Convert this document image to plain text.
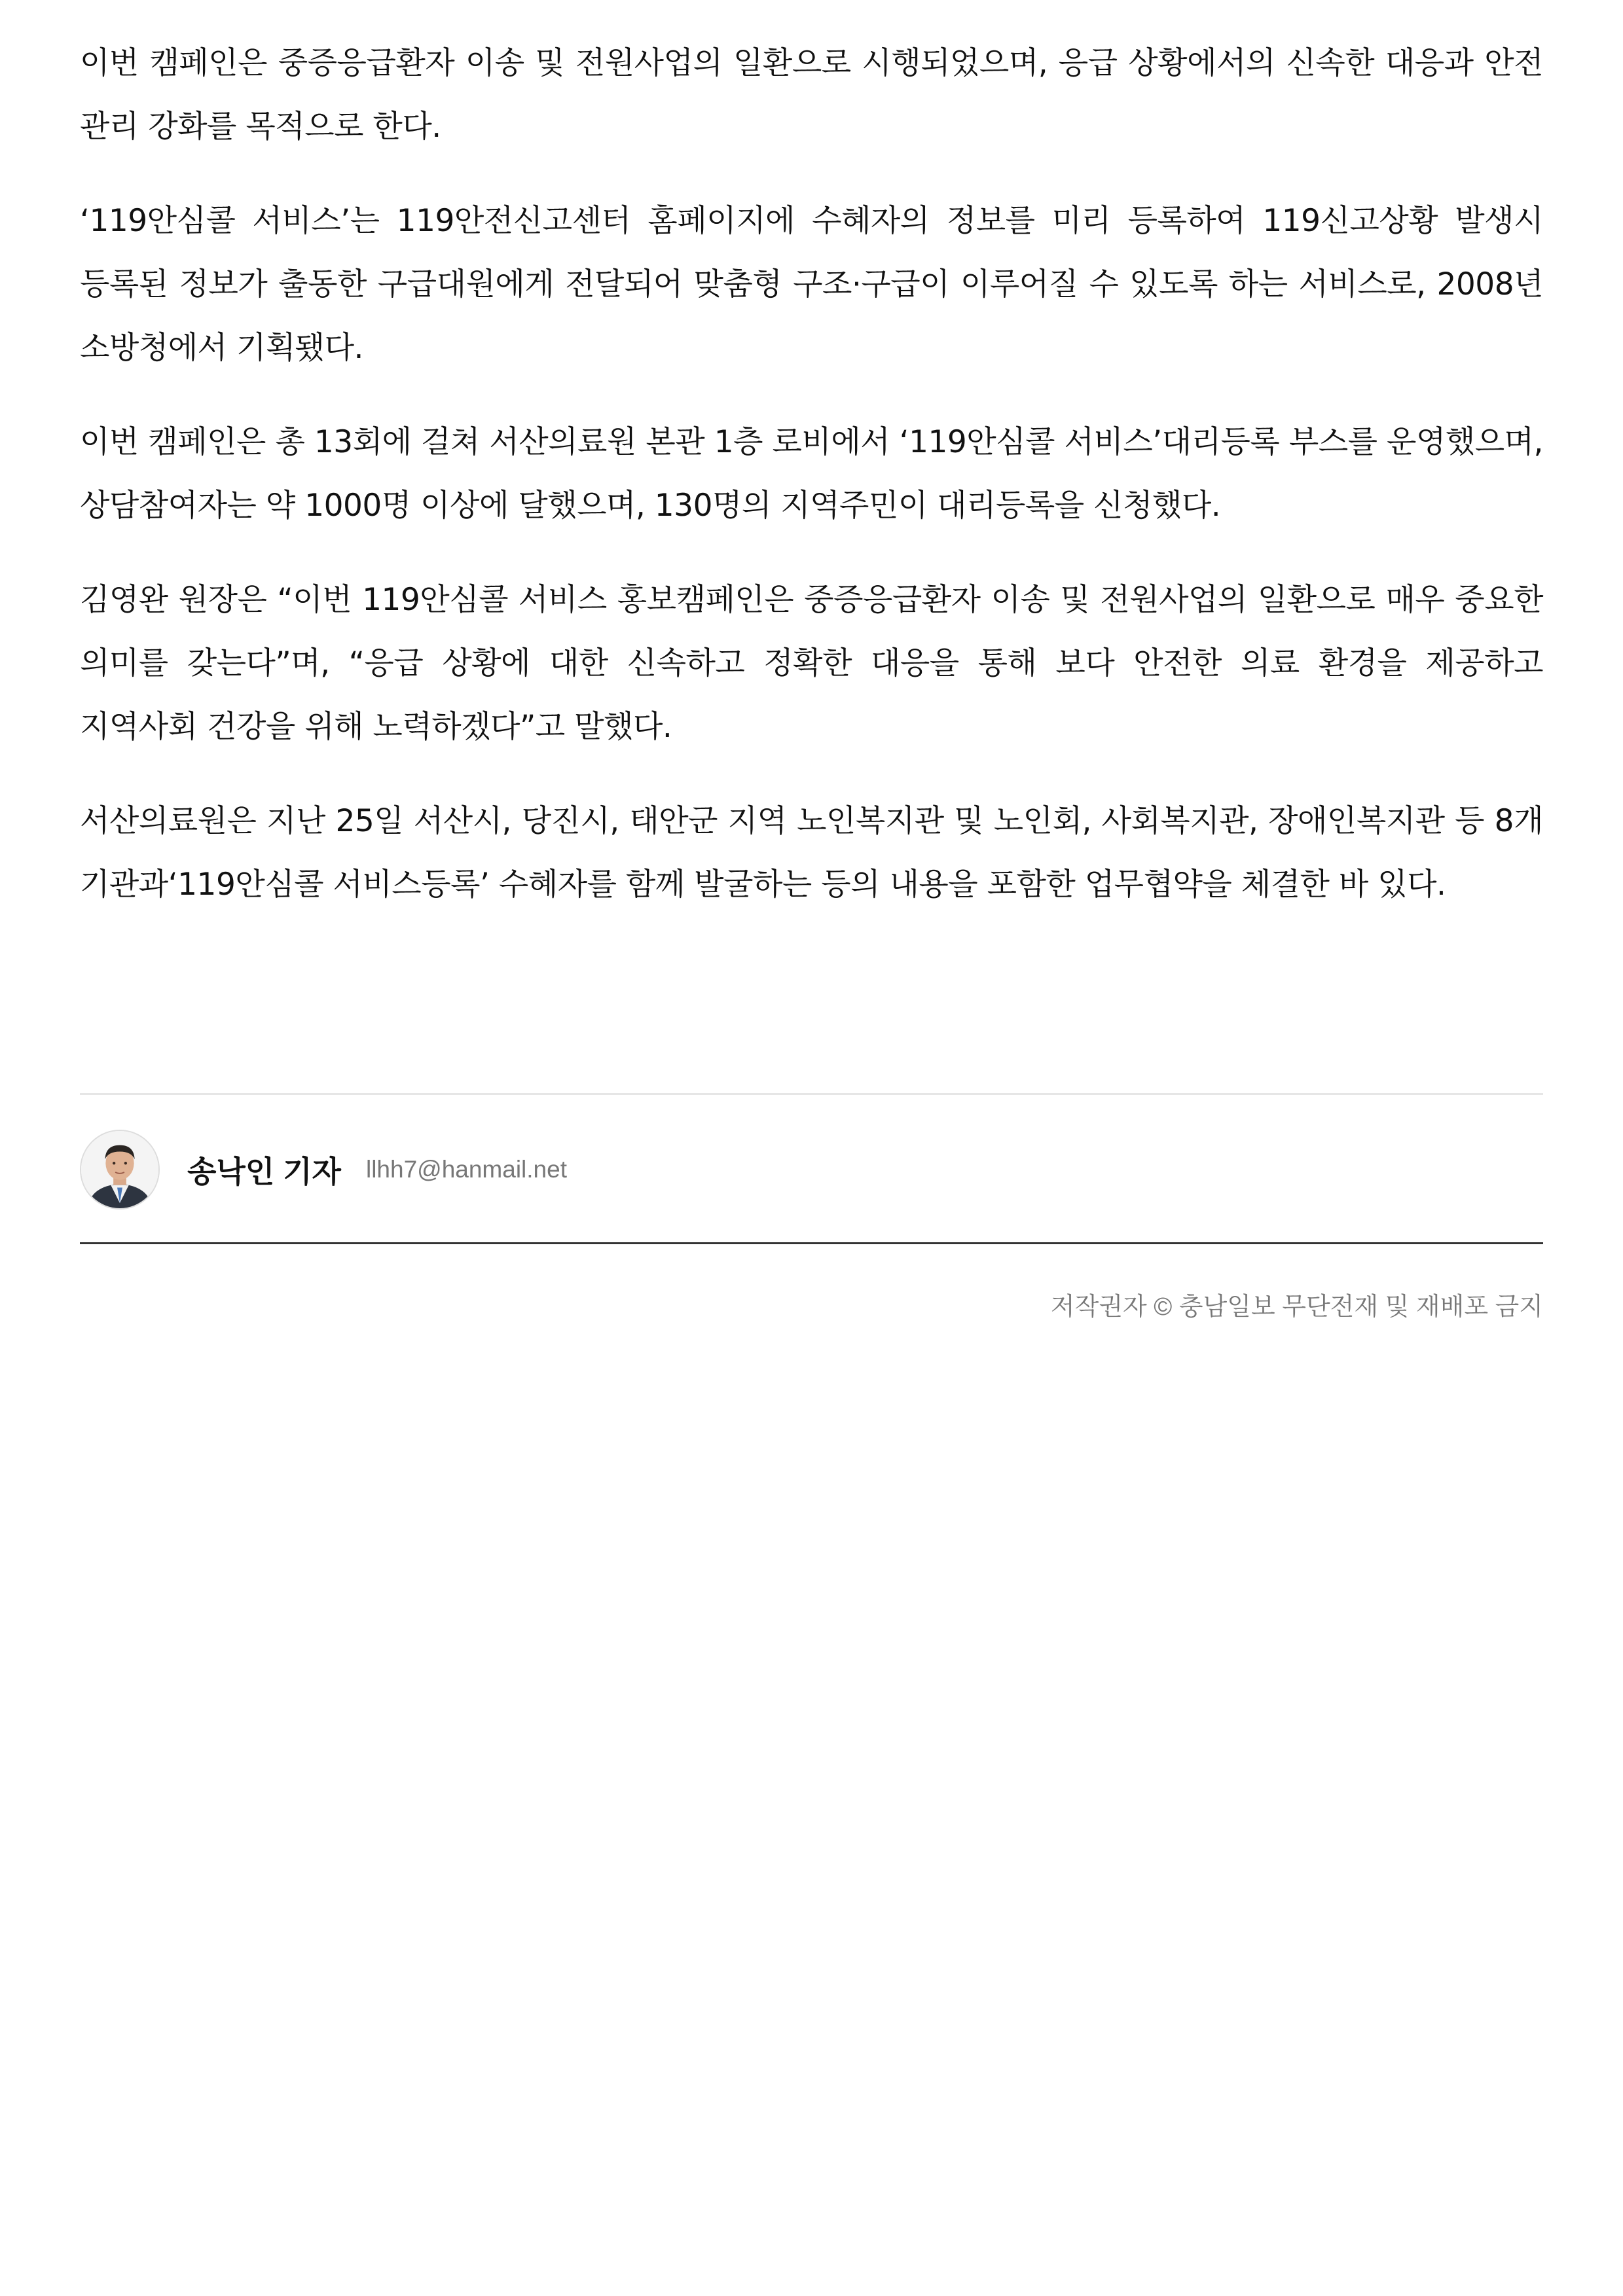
이번 캠페인은 중증응급환자 이송 및 전원사업의 일환으로 시행되었으며, 응급 상황에서의 신속한 대응과 안전 관리 강화를 목적으로 한다.

‘119안심콜 서비스’는 119안전신고센터 홈페이지에 수혜자의 정보를 미리 등록하여 119신고상황 발생시 등록된 정보가 출동한 구급대원에게 전달되어 맞춤형 구조·구급이 이루어질 수 있도록 하는 서비스로, 2008년 소방청에서 기획됐다.

이번 캠페인은 총 13회에 걸쳐 서산의료원 본관 1층 로비에서 ‘119안심콜 서비스’대리등록 부스를 운영했으며, 상담참여자는 약 1000명 이상에 달했으며, 130명의 지역주민이 대리등록을 신청했다.

김영완 원장은 “이번 119안심콜 서비스 홍보캠페인은 중증응급환자 이송 및 전원사업의 일환으로 매우 중요한 의미를 갖는다”며, “응급 상황에 대한 신속하고 정확한 대응을 통해 보다 안전한 의료 환경을 제공하고 지역사회 건강을 위해 노력하겠다”고 말했다.

서산의료원은 지난 25일 서산시, 당진시, 태안군 지역 노인복지관 및 노인회, 사회복지관, 장애인복지관 등 8개 기관과‘119안심콜 서비스등록’ 수혜자를 함께 발굴하는 등의 내용을 포함한 업무협약을 체결한 바 있다.

송낙인 기자 llhh7@hanmail.net
저작권자 © 충남일보 무단전재 및 재배포 금지
